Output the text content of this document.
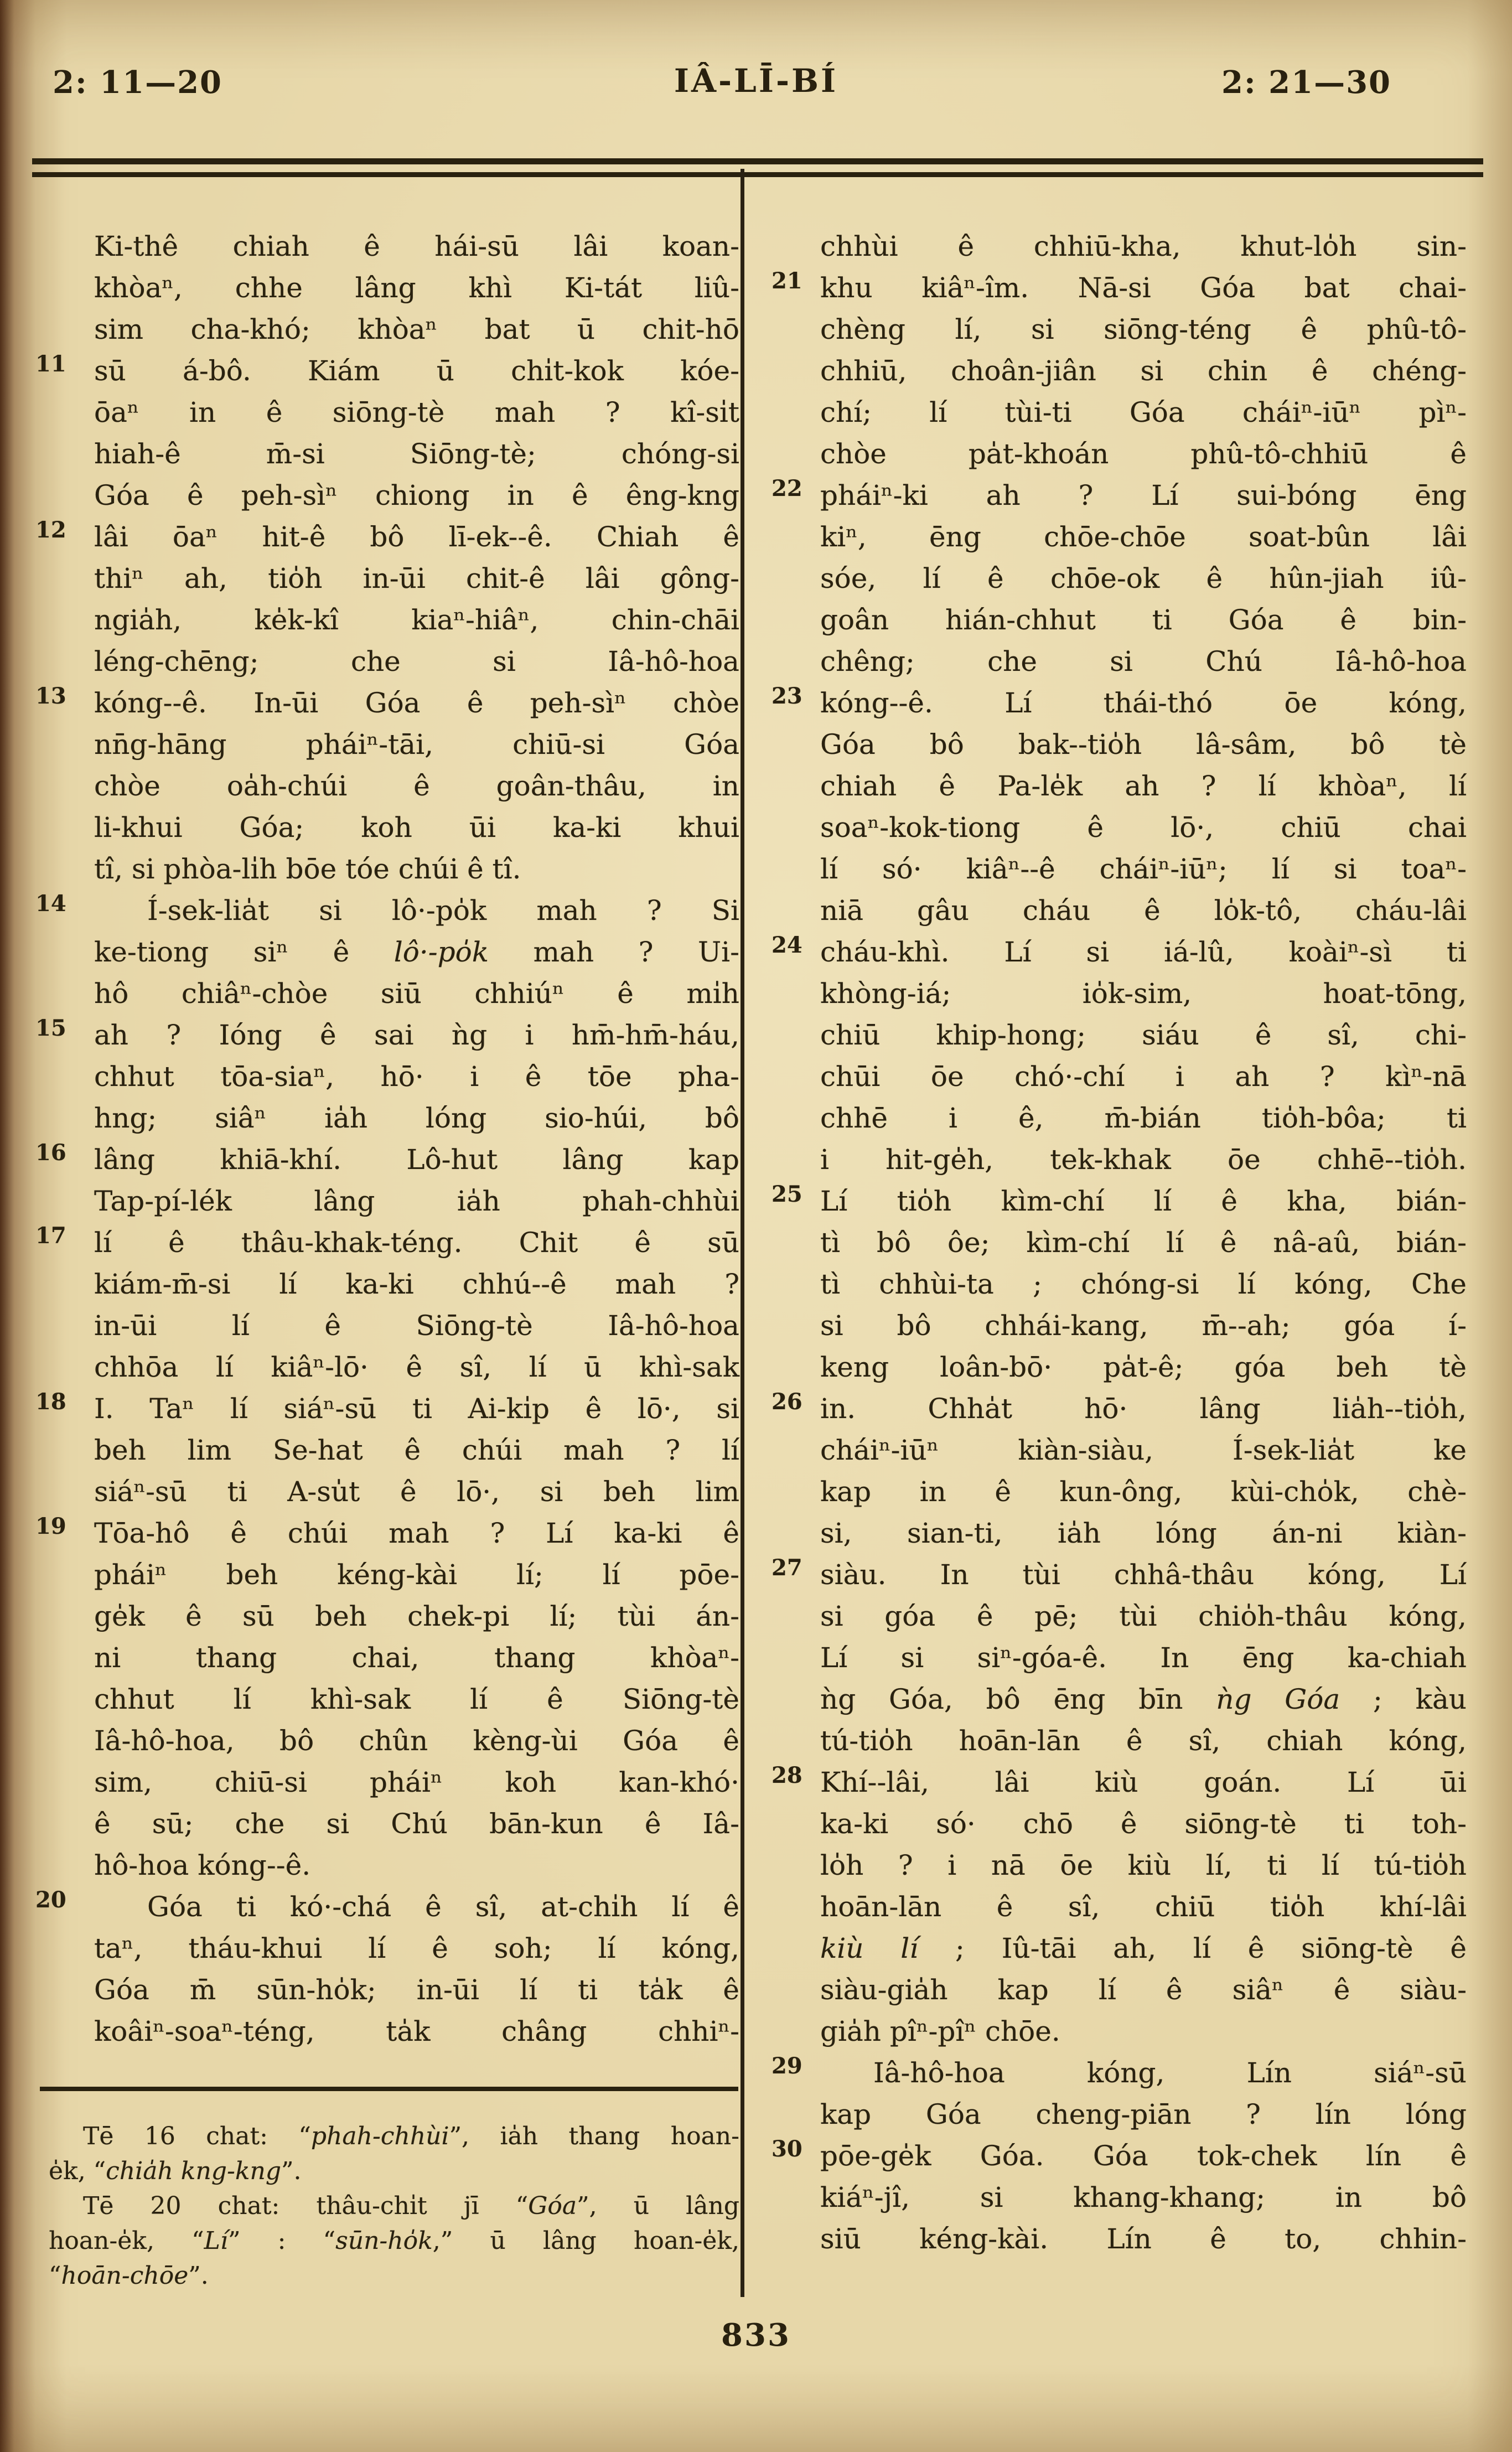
2: 11—20	IÂ-LĪ-BÍ	2: 21—30
Ki-thê chiah ê hái-sū lâi koan-
khòaⁿ, chhe lâng khì Ki-tát liû-
sim cha-khó; khòaⁿ bat ū chit-hō
11	sū á-bô. Kiám ū chi̍t-kok kóe-
ōaⁿ in ê siōng-tè mah ? kî-si̍t
hiah-ê m̄-si Siōng-tè; chóng-si
Góa ê peh-sìⁿ chiong in ê êng-kng
12	lâi ōaⁿ hit-ê bô lī-ek--ê. Chiah ê
thiⁿ ah, tio̍h in-ūi chit-ê lâi gông-
ngia̍h, ke̍k-kî kiaⁿ-hiâⁿ, chin-chāi
léng-chēng; che si Iâ-hô-hoa
13	kóng--ê. In-ūi Góa ê peh-sìⁿ chòe
nn̄g-hāng pháiⁿ-tāi, chiū-si Góa
chòe oa̍h-chúi ê goân-thâu, in
li-khui Góa; koh ūi ka-ki khui
tî, si phòa-li̍h bōe tóe chúi ê tî.
14	Í-sek-lia̍t si lô·-po̍k mah ? Si
ke-tiong siⁿ ê lô·-po̍k mah ? Ui-
hô chiâⁿ-chòe siū chhiúⁿ ê mi̍h
15	ah ? Ióng ê sai ǹg i hm̄-hm̄-háu,
chhut tōa-siaⁿ, hō· i ê tōe pha-
hng; siâⁿ ia̍h lóng sio-húi, bô
16	lâng khiā-khí. Lô-hut lâng kap
Tap-pí-lék lâng ia̍h phah-chhùi
17	lí ê thâu-khak-téng. Chit ê sū
kiám-m̄-si lí ka-ki chhú--ê mah ?
in-ūi lí ê Siōng-tè Iâ-hô-hoa
chhōa lí kiâⁿ-lō· ê sî, lí ū khì-sak
18	I. Taⁿ lí siáⁿ-sū ti Ai-ki̍p ê lō·, si
beh lim Se-hat ê chúi mah ? lí
siáⁿ-sū ti A-su̍t ê lō·, si beh lim
19	Tōa-hô ê chúi mah ? Lí ka-ki ê
pháiⁿ beh kéng-kài lí; lí pōe-
ge̍k ê sū beh chek-pi lí; tùi án-
ni thang chai, thang khòaⁿ-
chhut lí khì-sak lí ê Siōng-tè
Iâ-hô-hoa, bô chûn kèng-ùi Góa ê
sim, chiū-si pháiⁿ koh kan-khó·
ê sū; che si Chú bān-kun ê Iâ-
hô-hoa kóng--ê.
20	Góa ti kó·-chá ê sî, at-chi̍h lí ê
taⁿ, tháu-khui lí ê soh; lí kóng,
Góa m̄ sūn-ho̍k; in-ūi lí ti ta̍k ê
koâiⁿ-soaⁿ-téng, ta̍k châng chhiⁿ-
chhùi ê chhiū-kha, khut-lo̍h sin-
21 khu kiâⁿ-îm. Nā-si Góa bat chai-
chèng lí, si siōng-téng ê phû-tô-
chhiū, choân-jiân si chin ê chéng-
chí; lí tùi-ti Góa cháiⁿ-iūⁿ pìⁿ-
chòe pa̍t-khoán phû-tô-chhiū ê
22 pháiⁿ-ki ah ? Lí sui-bóng ēng
kiⁿ, ēng chōe-chōe soat-bûn lâi
sóe, lí ê chōe-ok ê hûn-jiah iû-
goân hián-chhut ti Góa ê bin-
chêng; che si Chú Iâ-hô-hoa
23 kóng--ê. Lí thái-thó ōe kóng,
Góa bô bak--tio̍h lâ-sâm, bô tè
chiah ê Pa-le̍k ah ? lí khòaⁿ, lí
soaⁿ-kok-tiong ê lō·, chiū chai
lí só· kiâⁿ--ê cháiⁿ-iūⁿ; lí si toaⁿ-
niā gâu cháu ê lo̍k-tô, cháu-lâi
24 cháu-khì. Lí si iá-lû, koàiⁿ-sì ti
khòng-iá; io̍k-sim, hoat-tōng,
chiū khip-hong; siáu ê sî, chi-
chūi ōe chó·-chí i ah ? kìⁿ-nā
chhē i ê, m̄-bián tio̍h-bôa; ti
i hit-ge̍h, tek-khak ōe chhē--tio̍h.
25 Lí tio̍h kìm-chí lí ê kha, bián-
tì bô ôe; kìm-chí lí ê nâ-aû, bián-
tì chhùi-ta ; chóng-si lí kóng, Che
si bô chhái-kang, m̄--ah; góa í-
keng loân-bō· pa̍t-ê; góa beh tè
26 in. Chha̍t hō· lâng lia̍h--tio̍h,
cháiⁿ-iūⁿ kiàn-siàu, Í-sek-lia̍t ke
kap in ê kun-ông, kùi-cho̍k, chè-
si, sian-ti, ia̍h lóng án-ni kiàn-
27 siàu. In tùi chhâ-thâu kóng, Lí
si góa ê pē; tùi chio̍h-thâu kóng,
Lí si siⁿ-góa-ê. In ēng ka-chiah
ǹg Góa, bô ēng bīn ǹg Góa ; kàu
tú-tio̍h hoān-lān ê sî, chiah kóng,
28 Khí--lâi, lâi kiù goán. Lí ūi
ka-ki só· chō ê siōng-tè ti toh-
lo̍h ? i nā ōe kiù lí, ti lí tú-tio̍h
hoān-lān ê sî, chiū tio̍h khí-lâi
kiù lí ; Iû-tāi ah, lí ê siōng-tè ê
siàu-gia̍h kap lí ê siâⁿ ê siàu-
gia̍h pîⁿ-pîⁿ chōe.
29	Iâ-hô-hoa kóng, Lín siáⁿ-sū
kap Góa cheng-piān ? lín lóng
30 pōe-ge̍k Góa. Góa tok-chek lín ê
kiáⁿ-jî, si khang-khang; in bô
siū kéng-kài. Lín ê to, chhin-
Tē 16 chat: “phah-chhùi”, ia̍h thang hoan-
e̍k, “chia̍h kng-kng”.
Tē 20 chat: thâu-chi̍t jī “Góa”, ū lâng
hoan-e̍k, “Lí” : “sūn-ho̍k,” ū lâng hoan-e̍k,
“hoān-chōe”.
833
